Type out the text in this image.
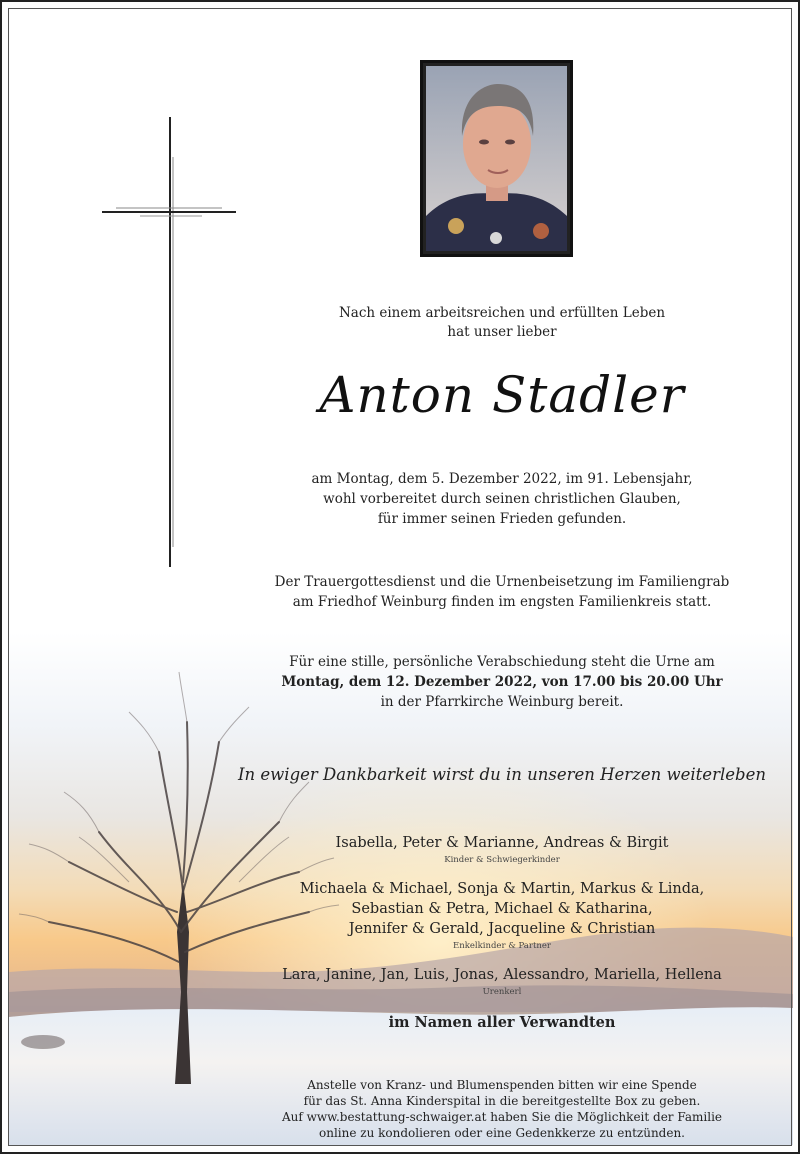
Nach einem arbeitsreichen und erfüllten Leben
hat unser lieber
Anton Stadler
am Montag, dem 5. Dezember 2022, im 91. Lebensjahr,
wohl vorbereitet durch seinen christlichen Glauben,
für immer seinen Frieden gefunden.
Der Trauergottesdienst und die Urnenbeisetzung im Familiengrab
am Friedhof Weinburg finden im engsten Familienkreis statt.
Für eine stille, persönliche Verabschiedung steht die Urne am
Montag, dem 12. Dezember 2022, von 17.00 bis 20.00 Uhr
in der Pfarrkirche Weinburg bereit.
In ewiger Dankbarkeit wirst du in unseren Herzen weiterleben
Isabella, Peter & Marianne, Andreas & Birgit
Kinder & Schwiegerkinder
Michaela & Michael, Sonja & Martin, Markus & Linda,
Sebastian & Petra, Michael & Katharina,
Jennifer & Gerald, Jacqueline & Christian
Enkelkinder & Partner
Lara, Janine, Jan, Luis, Jonas, Alessandro, Mariella, Hellena
Urenkerl
im Namen aller Verwandten
Anstelle von Kranz- und Blumenspenden bitten wir eine Spende
für das St. Anna Kinderspital in die bereitgestellte Box zu geben.
Auf www.bestattung-schwaiger.at haben Sie die Möglichkeit der Familie
online zu kondolieren oder eine Gedenkkerze zu entzünden.
